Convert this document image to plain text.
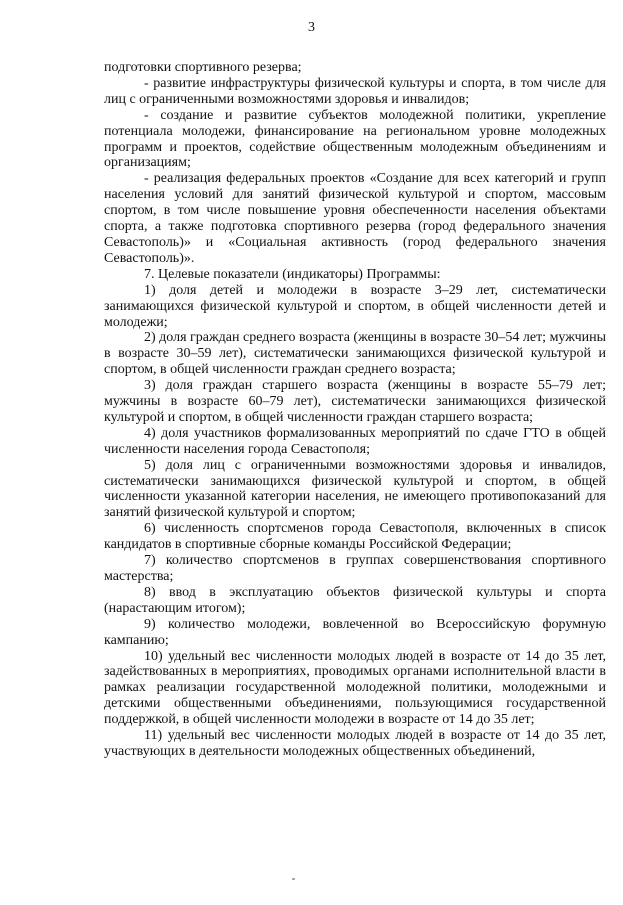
3

подготовки спортивного резерва;

- развитие инфраструктуры физической культуры и спорта, в том числе для лиц с ограниченными возможностями здоровья и инвалидов;

- создание и развитие субъектов молодежной политики, укрепление потенциала молодежи, финансирование на региональном уровне молодежных программ и проектов, содействие общественным молодежным объединениям и организациям;

- реализация федеральных проектов «Создание для всех категорий и групп населения условий для занятий физической культурой и спортом, массовым спортом, в том числе повышение уровня обеспеченности населения объектами спорта, а также подготовка спортивного резерва (город федерального значения Севастополь)» и «Социальная активность (город федерального значения Севастополь)».

7. Целевые показатели (индикаторы) Программы:

1) доля детей и молодежи в возрасте 3–29 лет, систематически занимающихся физической культурой и спортом, в общей численности детей и молодежи;

2) доля граждан среднего возраста (женщины в возрасте 30–54 лет; мужчины в возрасте 30–59 лет), систематически занимающихся физической культурой и спортом, в общей численности граждан среднего возраста;

3) доля граждан старшего возраста (женщины в возрасте 55–79 лет; мужчины в возрасте 60–79 лет), систематически занимающихся физической культурой и спортом, в общей численности граждан старшего возраста;

4) доля участников формализованных мероприятий по сдаче ГТО в общей численности населения города Севастополя;

5) доля лиц с ограниченными возможностями здоровья и инвалидов, систематически занимающихся физической культурой и спортом, в общей численности указанной категории населения, не имеющего противопоказаний для занятий физической культурой и спортом;

6) численность спортсменов города Севастополя, включенных в список кандидатов в спортивные сборные команды Российской Федерации;

7) количество спортсменов в группах совершенствования спортивного мастерства;

8) ввод в эксплуатацию объектов физической культуры и спорта (нарастающим итогом);

9) количество молодежи, вовлеченной во Всероссийскую форумную кампанию;

10) удельный вес численности молодых людей в возрасте от 14 до 35 лет, задействованных в мероприятиях, проводимых органами исполнительной власти в рамках реализации государственной молодежной политики, молодежными и детскими общественными объединениями, пользующимися государственной поддержкой, в общей численности молодежи в возрасте от 14 до 35 лет;

11) удельный вес численности молодых людей в возрасте от 14 до 35 лет, участвующих в деятельности молодежных общественных объединений,
